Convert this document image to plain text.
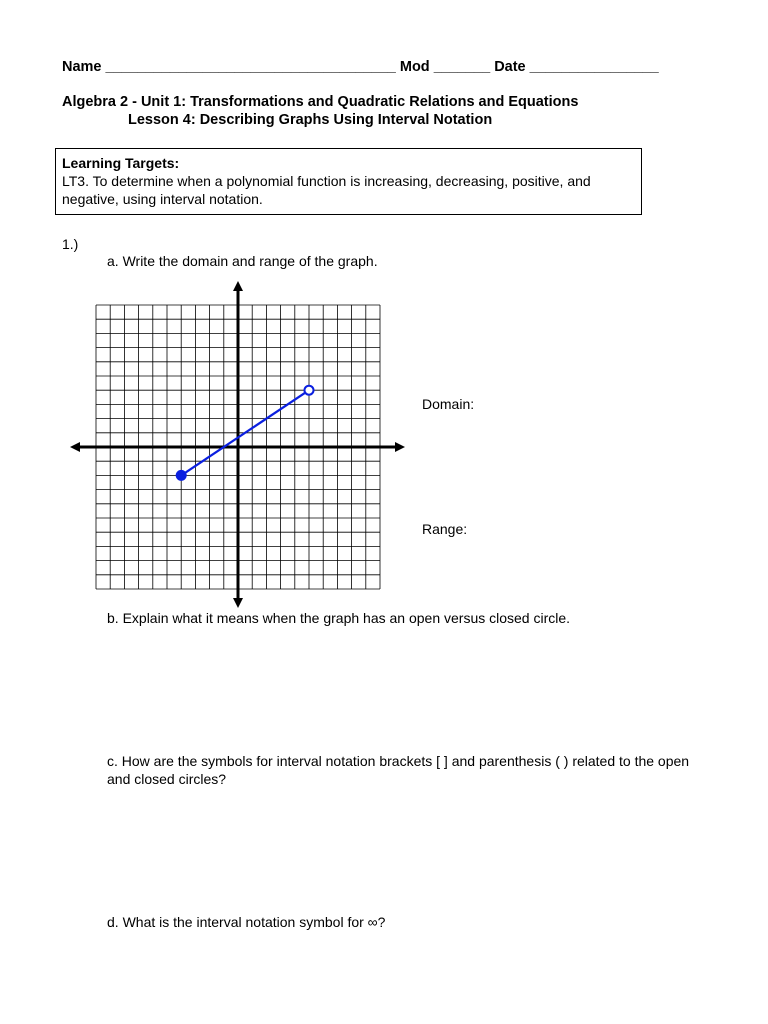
Name ____________________________________ Mod _______ Date ________________
Algebra 2 - Unit 1: Transformations and Quadratic Relations and Equations
Lesson 4: Describing Graphs Using Interval Notation
Learning Targets:
LT3. To determine when a polynomial function is increasing, decreasing, positive, and negative, using interval notation.
1.)
a. Write the domain and range of the graph.
Domain:
Range:
b. Explain what it means when the graph has an open versus closed circle.
c. How are the symbols for interval notation brackets [ ] and parenthesis ( ) related to the open and closed circles?
d. What is the interval notation symbol for ∞?
